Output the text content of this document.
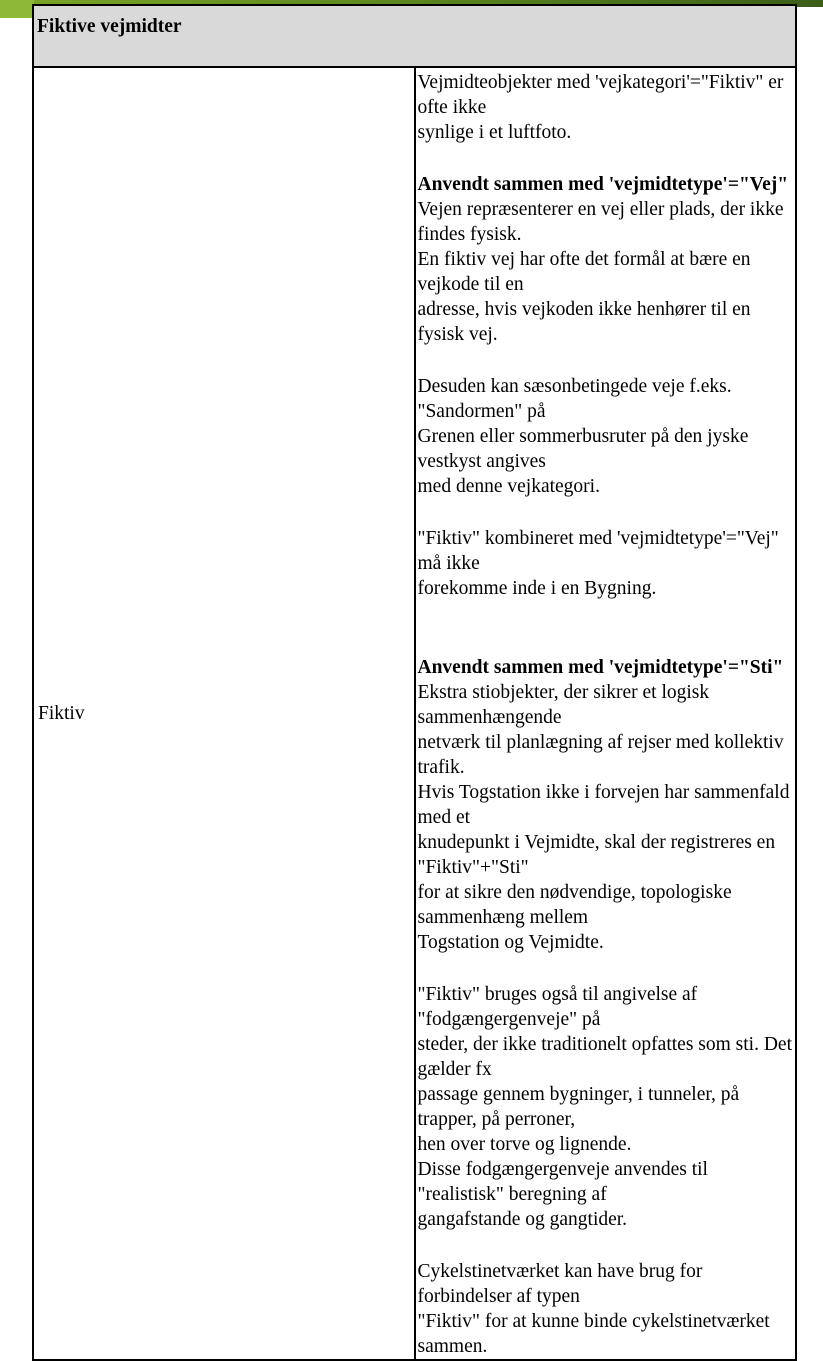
Fiktive vejmidter

Fiktiv

Vejmidteobjekter med 'vejkategori'="Fiktiv" er ofte ikke
synlige i et luftfoto.
Anvendt sammen med 'vejmidtetype'="Vej"
Vejen repræsenterer en vej eller plads, der ikke findes fysisk.
En fiktiv vej har ofte det formål at bære en vejkode til en
adresse, hvis vejkoden ikke henhører til en fysisk vej.
Desuden kan sæsonbetingede veje f.eks. "Sandormen" på
Grenen eller sommerbusruter på den jyske vestkyst angives
med denne vejkategori.
"Fiktiv" kombineret med 'vejmidtetype'="Vej" må ikke
forekomme inde i en Bygning.
Anvendt sammen med 'vejmidtetype'="Sti"
Ekstra stiobjekter, der sikrer et logisk sammenhængende
netværk til planlægning af rejser med kollektiv trafik.
Hvis Togstation ikke i forvejen har sammenfald med et
knudepunkt i Vejmidte, skal der registreres en "Fiktiv"+"Sti"
for at sikre den nødvendige, topologiske sammenhæng mellem
Togstation og Vejmidte.
"Fiktiv" bruges også til angivelse af "fodgængergenveje" på
steder, der ikke traditionelt opfattes som sti. Det gælder fx
passage gennem bygninger, i tunneler, på trapper, på perroner,
hen over torve og lignende.
Disse fodgængergenveje anvendes til "realistisk" beregning af
gangafstande og gangtider.
Cykelstinetværket kan have brug for forbindelser af typen
"Fiktiv" for at kunne binde cykelstinetværket sammen.
